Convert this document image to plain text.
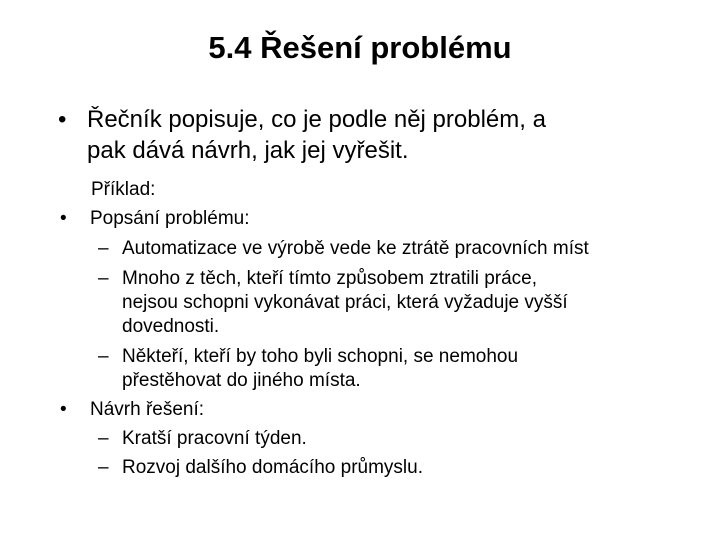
5.4 Řešení problému
• Řečník popisuje, co je podle něj problém, a
pak dává návrh, jak jej vyřešit.
Příklad:
• Popsání problému:
– Automatizace ve výrobě vede ke ztrátě pracovních míst
– Mnoho z těch, kteří tímto způsobem ztratili práce,
nejsou schopni vykonávat práci, která vyžaduje vyšší
dovednosti.
– Někteří, kteří by toho byli schopni, se nemohou
přestěhovat do jiného místa.
• Návrh řešení:
– Kratší pracovní týden.
– Rozvoj dalšího domácího průmyslu.
